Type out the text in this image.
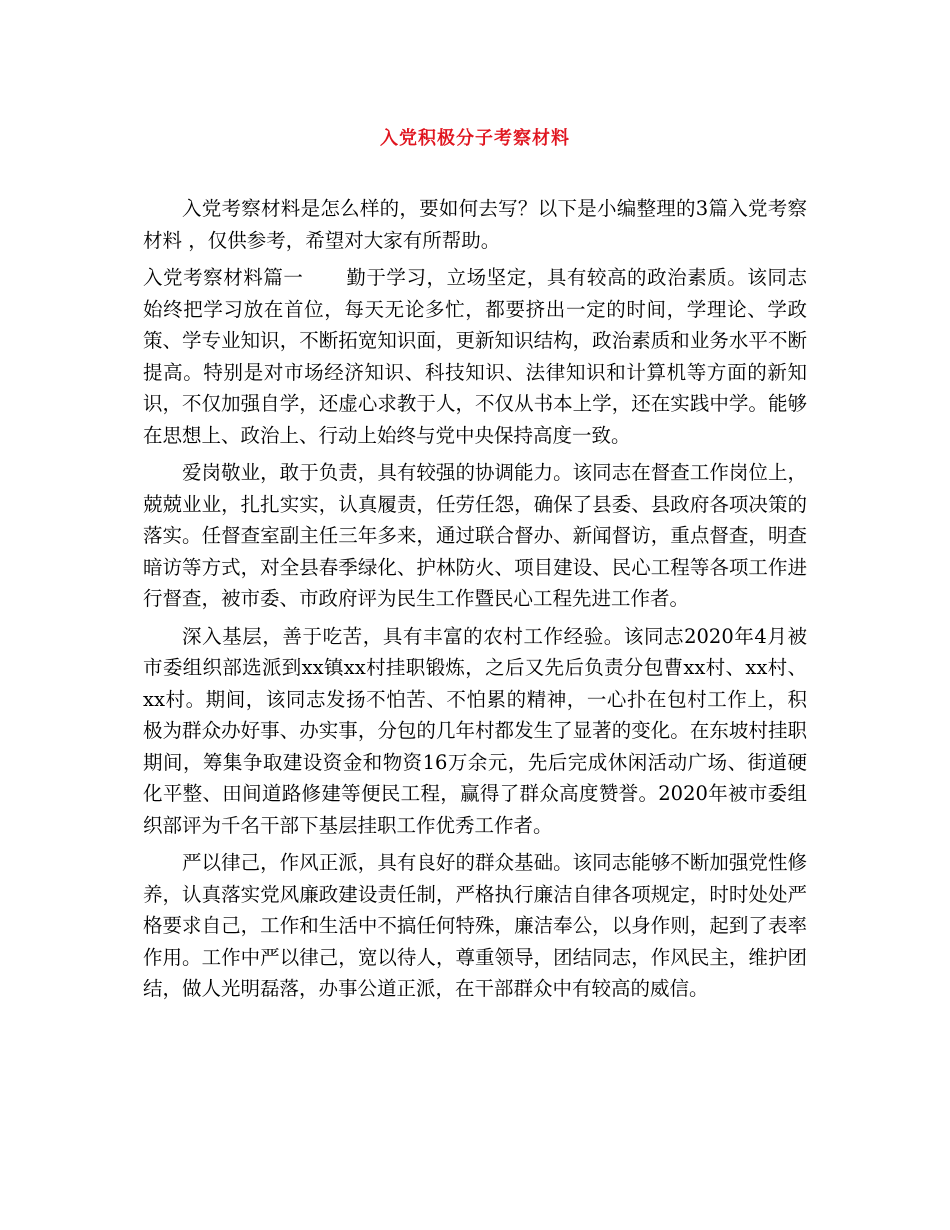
入党积极分子考察材料

入党考察材料是怎么样的，要如何去写？以下是小编整理的3篇入党考察材料 ，仅供参考，希望对大家有所帮助。

入党考察材料篇一 勤于学习，立场坚定，具有较高的政治素质。该同志始终把学习放在首位，每天无论多忙，都要挤出一定的时间，学理论、学政策、学专业知识，不断拓宽知识面，更新知识结构，政治素质和业务水平不断提高。特别是对市场经济知识、科技知识、法律知识和计算机等方面的新知识，不仅加强自学，还虚心求教于人，不仅从书本上学，还在实践中学。能够在思想上、政治上、行动上始终与党中央保持高度一致。

爱岗敬业，敢于负责，具有较强的协调能力。该同志在督查工作岗位上，兢兢业业，扎扎实实，认真履责，任劳任怨，确保了县委、县政府各项决策的落实。任督查室副主任三年多来，通过联合督办、新闻督访，重点督查，明查暗访等方式，对全县春季绿化、护林防火、项目建设、民心工程等各项工作进行督查，被市委、市政府评为民生工作暨民心工程先进工作者。

深入基层，善于吃苦，具有丰富的农村工作经验。该同志2020年4月被市委组织部选派到xx镇xx村挂职锻炼，之后又先后负责分包曹xx村、xx村、xx村。期间，该同志发扬不怕苦、不怕累的精神，一心扑在包村工作上，积极为群众办好事、办实事，分包的几年村都发生了显著的变化。在东坡村挂职期间，筹集争取建设资金和物资16万余元，先后完成休闲活动广场、街道硬化平整、田间道路修建等便民工程，赢得了群众高度赞誉。2020年被市委组织部评为千名干部下基层挂职工作优秀工作者。

严以律己，作风正派，具有良好的群众基础。该同志能够不断加强党性修养，认真落实党风廉政建设责任制，严格执行廉洁自律各项规定，时时处处严格要求自己，工作和生活中不搞任何特殊，廉洁奉公，以身作则，起到了表率作用。工作中严以律己，宽以待人，尊重领导，团结同志，作风民主，维护团结，做人光明磊落，办事公道正派，在干部群众中有较高的威信。
